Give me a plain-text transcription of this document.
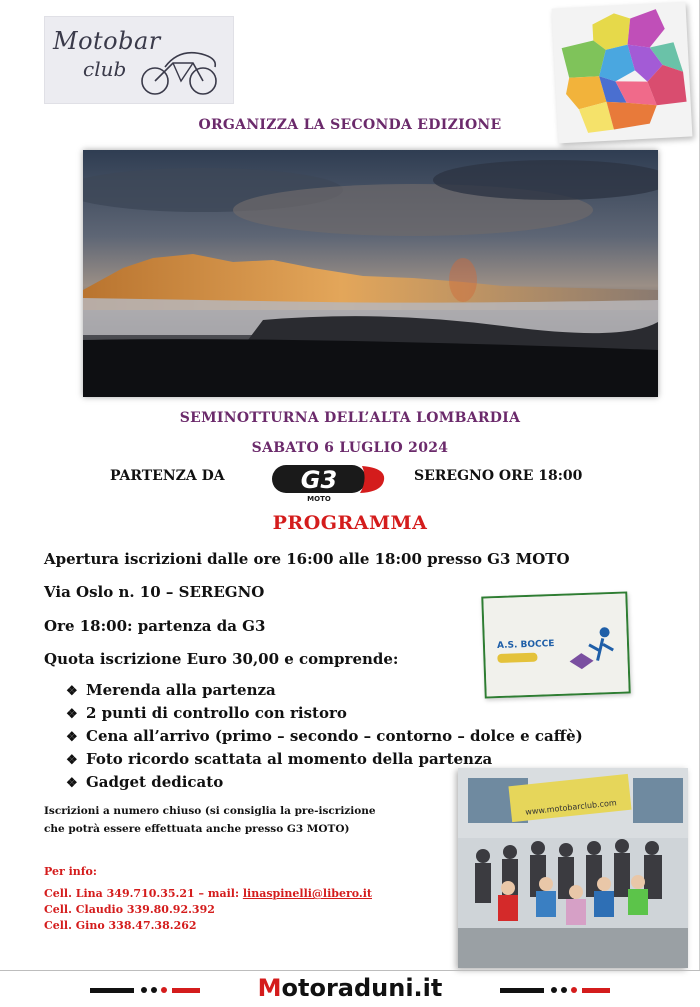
Motobar
club
ORGANIZZA LA SECONDA EDIZIONE
SEMINOTTURNA DELL’ALTA LOMBARDIA
SABATO 6 LUGLIO 2024
PARTENZA DA	G3
MOTO
SEREGNO ORE 18:00
PROGRAMMA
Apertura iscrizioni dalle ore 16:00 alle 18:00 presso G3 MOTO
Via Oslo n. 10 – SEREGNO
Ore 18:00: partenza da G3
Quota iscrizione Euro 30,00 e comprende:
A.S. BOCCE
❖ Merenda alla partenza
❖ 2 punti di controllo con ristoro
❖ Cena all’arrivo (primo – secondo – contorno – dolce e caffè)
❖ Foto ricordo scattata al momento della partenza
❖ Gadget dedicato
Iscrizioni a numero chiuso (si consiglia la pre-iscrizione
che potrà essere effettuata anche presso G3 MOTO)
Per info:
Cell. Lina 349.710.35.21 – mail: linaspinelli@libero.it
Cell. Claudio 339.80.92.392
Cell. Gino 338.47.38.262
www.motobarclub.com
Motoraduni.it
